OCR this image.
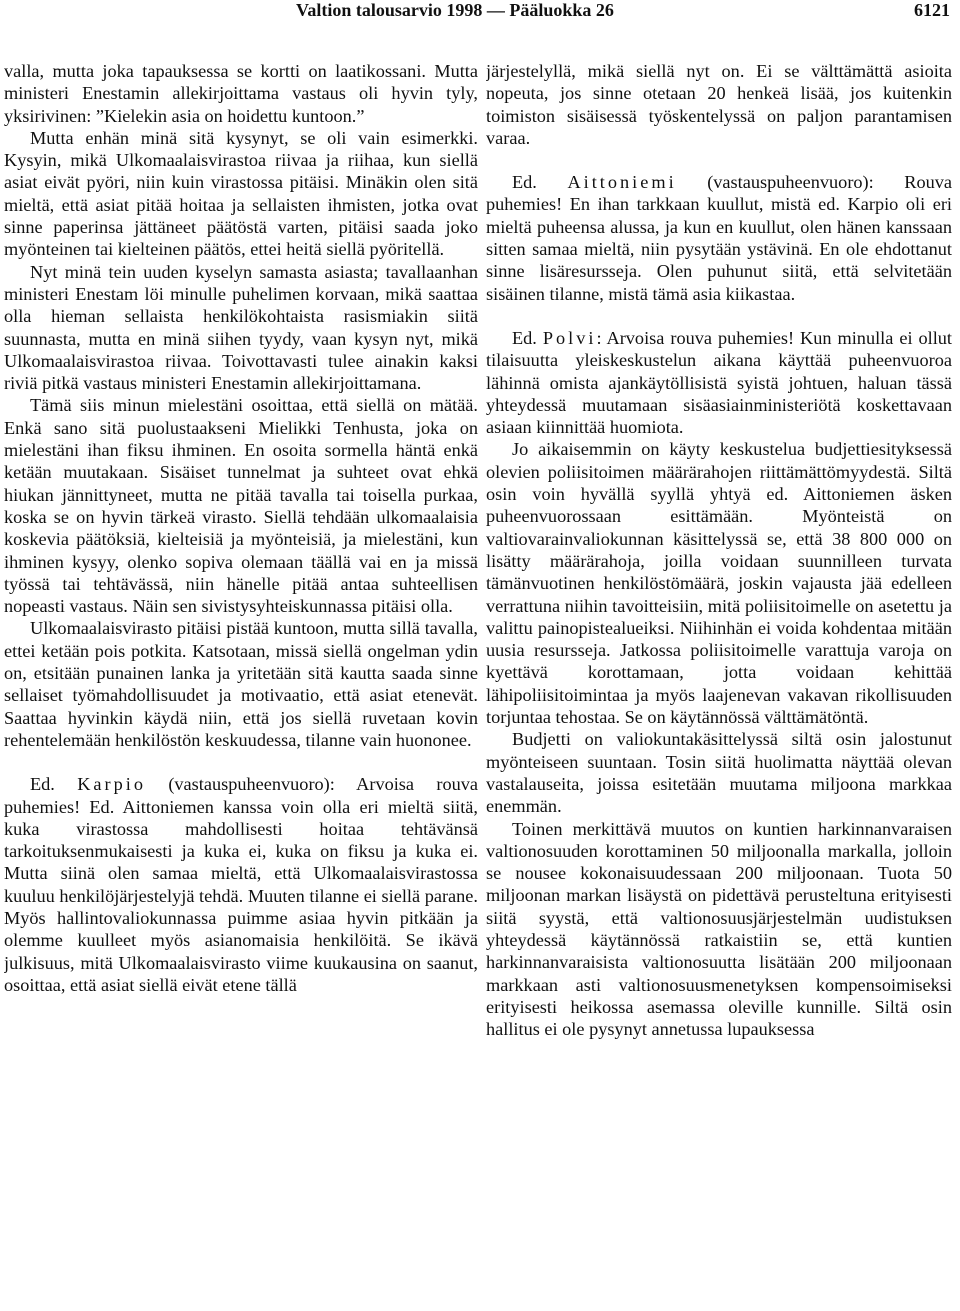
Valtion talousarvio 1998 — Pääluokka 26	6121

valla, mutta joka tapauksessa se kortti on laatikossani. Mutta ministeri Enestamin allekirjoittama vastaus oli hyvin tyly, yksirivinen: ”Kielekin asia on hoidettu kuntoon.”

Mutta enhän minä sitä kysynyt, se oli vain esimerkki. Kysyin, mikä Ulkomaalaisvirastoa riivaa ja riihaa, kun siellä asiat eivät pyöri, niin kuin virastossa pitäisi. Minäkin olen sitä mieltä, että asiat pitää hoitaa ja sellaisten ihmisten, jotka ovat sinne paperinsa jättäneet päätöstä varten, pitäisi saada joko myönteinen tai kielteinen päätös, ettei heitä siellä pyöritellä.

Nyt minä tein uuden kyselyn samasta asiasta; tavallaanhan ministeri Enestam löi minulle puhelimen korvaan, mikä saattaa olla hieman sellaista henkilökohtaista rasismiakin siitä suunnasta, mutta en minä siihen tyydy, vaan kysyn nyt, mikä Ulkomaalaisvirastoa riivaa. Toivottavasti tulee ainakin kaksi riviä pitkä vastaus ministeri Enestamin allekirjoittamana.

Tämä siis minun mielestäni osoittaa, että siellä on mätää. Enkä sano sitä puolustaakseni Mielikki Tenhusta, joka on mielestäni ihan fiksu ihminen. En osoita sormella häntä enkä ketään muutakaan. Sisäiset tunnelmat ja suhteet ovat ehkä hiukan jännittyneet, mutta ne pitää tavalla tai toisella purkaa, koska se on hyvin tärkeä virasto. Siellä tehdään ulkomaalaisia koskevia päätöksiä, kielteisiä ja myönteisiä, ja mielestäni, kun ihminen kysyy, olenko sopiva olemaan täällä vai en ja missä työssä tai tehtävässä, niin hänelle pitää antaa suhteellisen nopeasti vastaus. Näin sen sivistysyhteiskunnassa pitäisi olla.

Ulkomaalaisvirasto pitäisi pistää kuntoon, mutta sillä tavalla, ettei ketään pois potkita. Katsotaan, missä siellä ongelman ydin on, etsitään punainen lanka ja yritetään sitä kautta saada sinne sellaiset työmahdollisuudet ja motivaatio, että asiat etenevät. Saattaa hyvinkin käydä niin, että jos siellä ruvetaan kovin rehentelemään henkilöstön keskuudessa, tilanne vain huononee.

Ed. Karpio (vastauspuheenvuoro): Arvoisa rouva puhemies! Ed. Aittoniemen kanssa voin olla eri mieltä siitä, kuka virastossa mahdollisesti hoitaa tehtävänsä tarkoituksenmukaisesti ja kuka ei, kuka on fiksu ja kuka ei. Mutta siinä olen samaa mieltä, että Ulkomaalaisvirastossa kuuluu henkilöjärjestelyjä tehdä. Muuten tilanne ei siellä parane. Myös hallintovaliokunnassa puimme asiaa hyvin pitkään ja olemme kuulleet myös asianomaisia henkilöitä. Se ikävä julkisuus, mitä Ulkomaalaisvirasto viime kuukausina on saanut, osoittaa, että asiat siellä eivät etene tällä

järjestelyllä, mikä siellä nyt on. Ei se välttämättä asioita nopeuta, jos sinne otetaan 20 henkeä lisää, jos kuitenkin toimiston sisäisessä työskentelyssä on paljon parantamisen varaa.

Ed. Aittoniemi (vastauspuheenvuoro): Rouva puhemies! En ihan tarkkaan kuullut, mistä ed. Karpio oli eri mieltä puheensa alussa, ja kun en kuullut, olen hänen kanssaan sitten samaa mieltä, niin pysytään ystävinä. En ole ehdottanut sinne lisäresursseja. Olen puhunut siitä, että selvitetään sisäinen tilanne, mistä tämä asia kiikastaa.

Ed. Polvi: Arvoisa rouva puhemies! Kun minulla ei ollut tilaisuutta yleiskeskustelun aikana käyttää puheenvuoroa lähinnä omista ajankäytöllisistä syistä johtuen, haluan tässä yhteydessä muutamaan sisäasiainministeriötä koskettavaan asiaan kiinnittää huomiota.

Jo aikaisemmin on käyty keskustelua budjettiesityksessä olevien poliisitoimen määrärahojen riittämättömyydestä. Siltä osin voin hyvällä syyllä yhtyä ed. Aittoniemen äsken puheenvuorossaan esittämään. Myönteistä on valtiovarainvaliokunnan käsittelyssä se, että 38 800 000 on lisätty määrärahoja, joilla voidaan suunnilleen turvata tämänvuotinen henkilöstömäärä, joskin vajausta jää edelleen verrattuna niihin tavoitteisiin, mitä poliisitoimelle on asetettu ja valittu painopistealueiksi. Niihinhän ei voida kohdentaa mitään uusia resursseja. Jatkossa poliisitoimelle varattuja varoja on kyettävä korottamaan, jotta voidaan kehittää lähipoliisitoimintaa ja myös laajenevan vakavan rikollisuuden torjuntaa tehostaa. Se on käytännössä välttämätöntä.

Budjetti on valiokuntakäsittelyssä siltä osin jalostunut myönteiseen suuntaan. Tosin siitä huolimatta näyttää olevan vastalauseita, joissa esitetään muutama miljoona markkaa enemmän.

Toinen merkittävä muutos on kuntien harkinnanvaraisen valtionosuuden korottaminen 50 miljoonalla markalla, jolloin se nousee kokonaisuudessaan 200 miljoonaan. Tuota 50 miljoonan markan lisäystä on pidettävä perusteltuna erityisesti siitä syystä, että valtionosuusjärjestelmän uudistuksen yhteydessä käytännössä ratkaistiin se, että kuntien harkinnanvaraisista valtionosuutta lisätään 200 miljoonaan markkaan asti valtionosuusmenetyksen kompensoimiseksi erityisesti heikossa asemassa oleville kunnille. Siltä osin hallitus ei ole pysynyt annetussa lupauksessa
